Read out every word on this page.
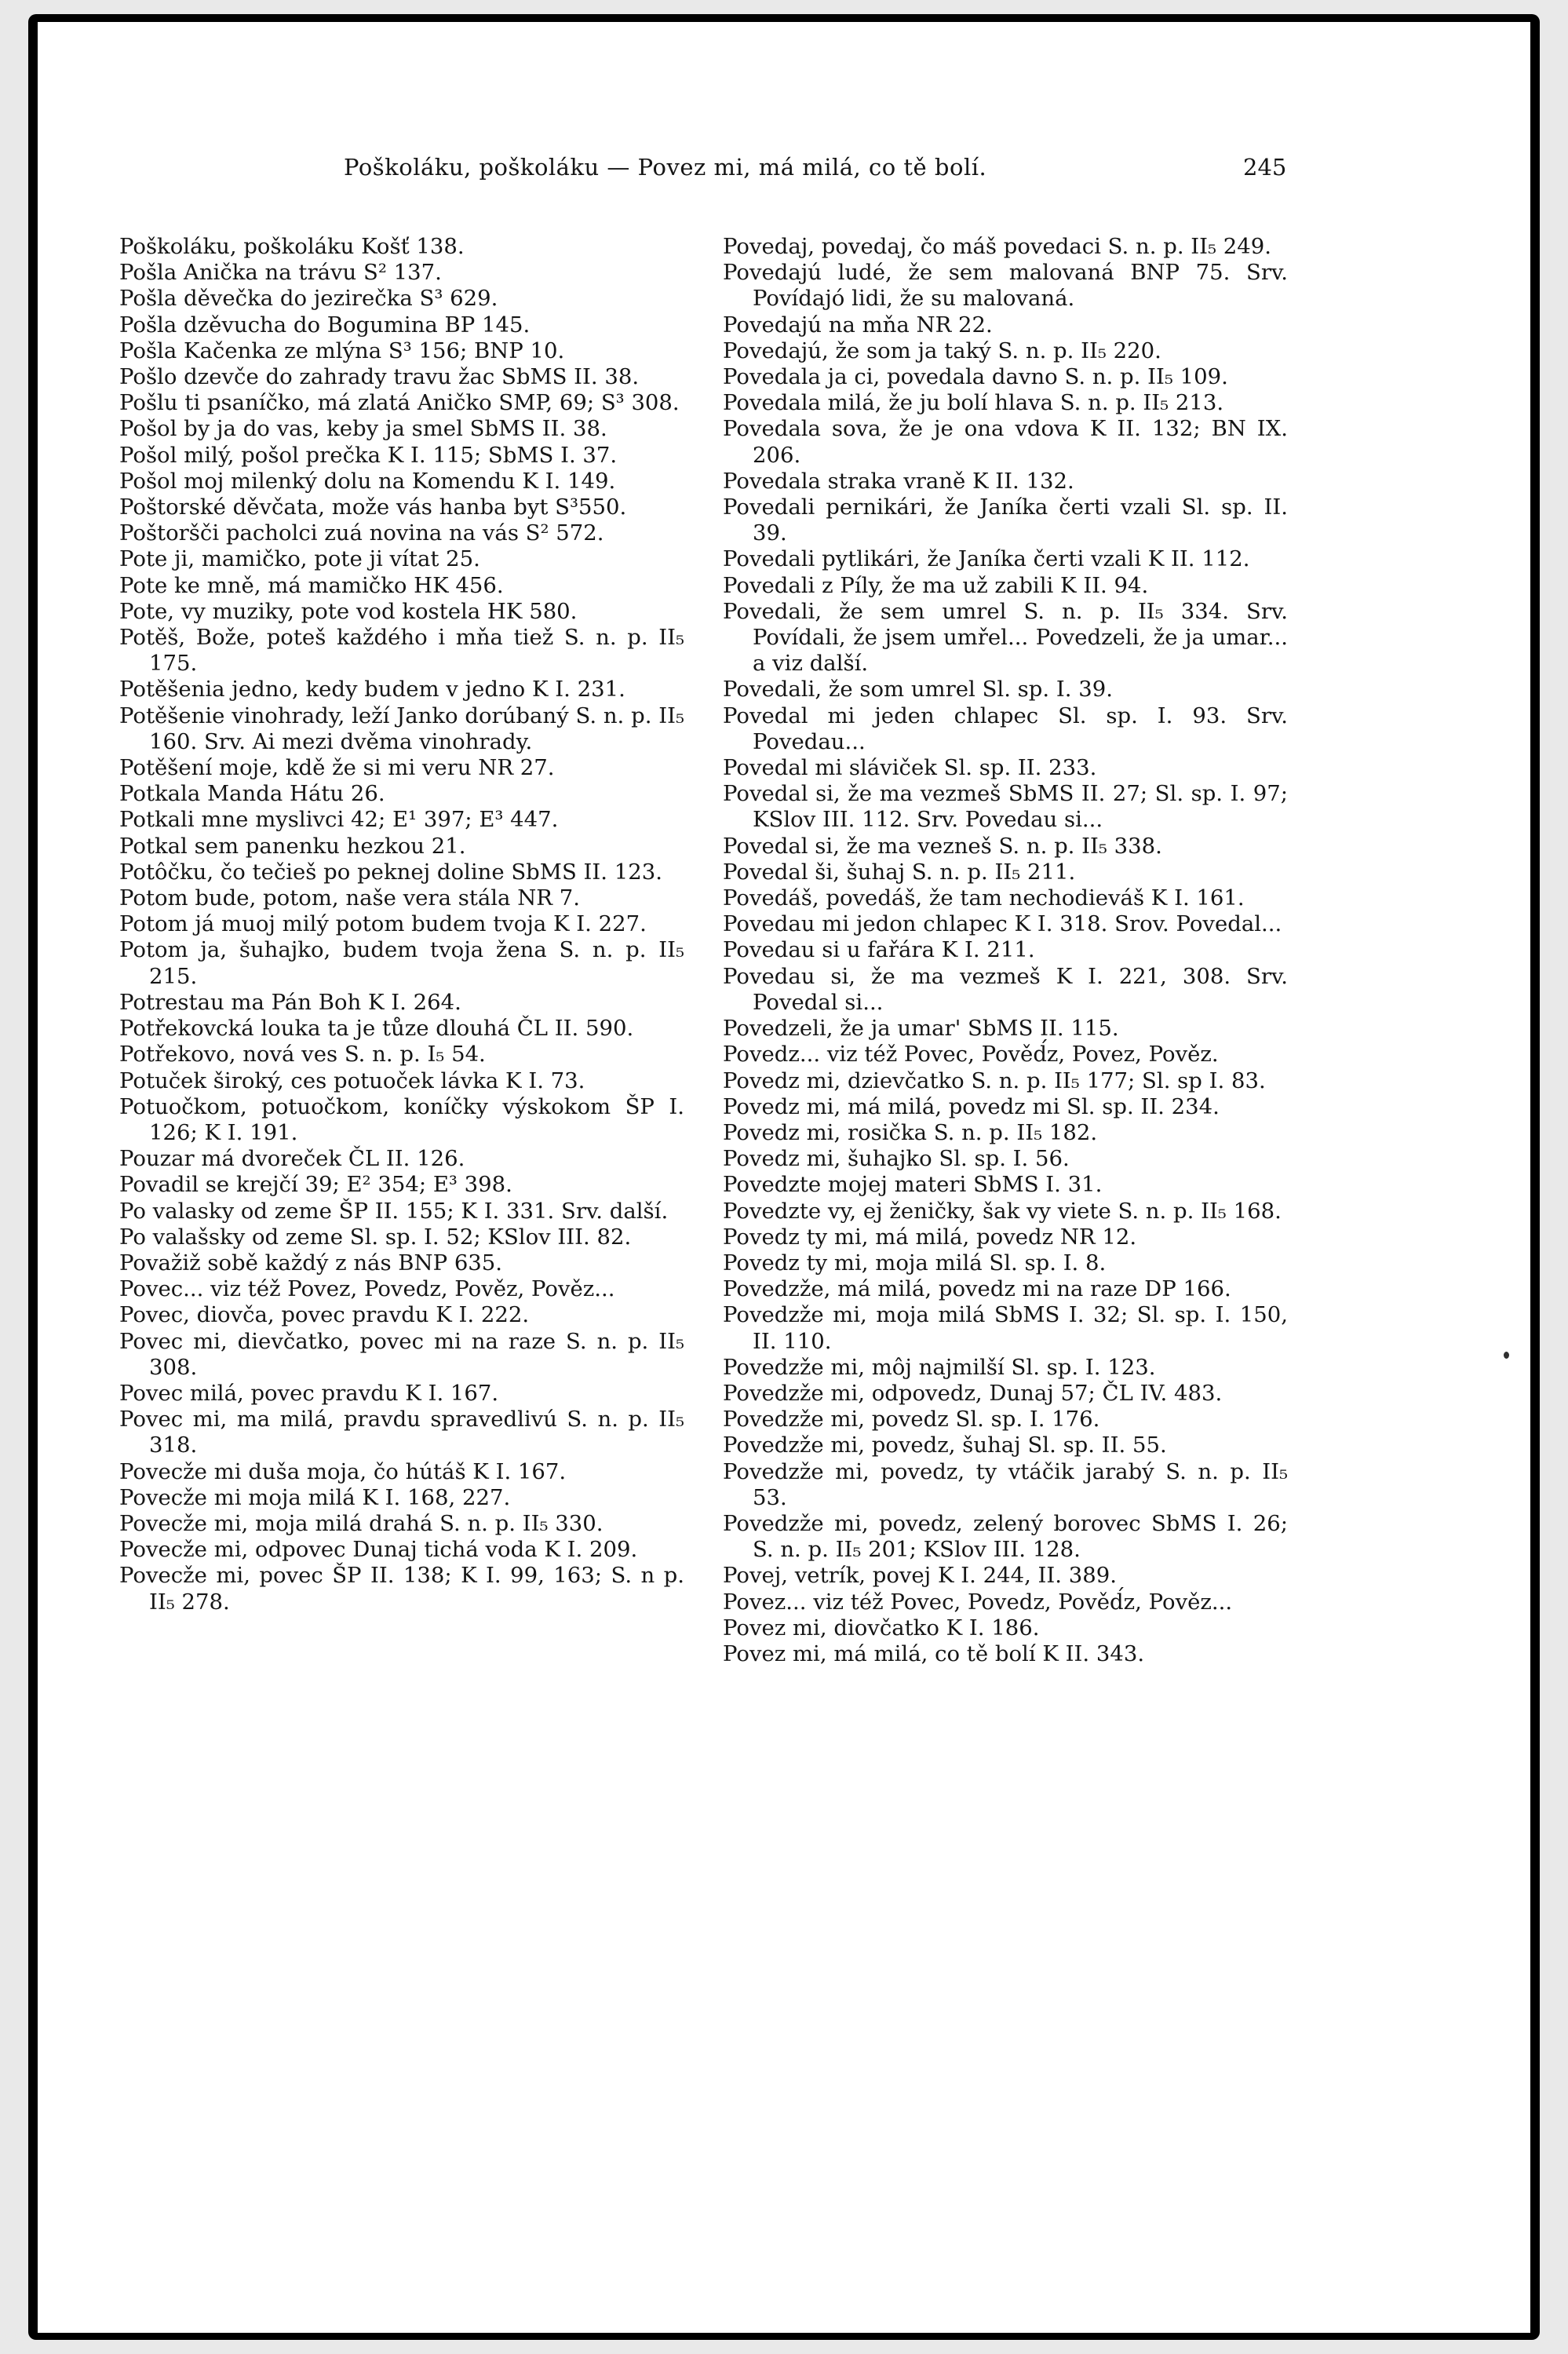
Poškoláku, poškoláku — Povez mi, má milá, co tě bolí.	245

Poškoláku, poškoláku Košť 138.

Pošla Anička na trávu S² 137.

Pošla děvečka do jezirečka S³ 629.

Pošla dzěvucha do Bogumina BP 145.

Pošla Kačenka ze mlýna S³ 156; BNP 10.

Pošlo dzevče do zahrady travu žac SbMS II. 38.

Pošlu ti psaníčko, má zlatá Aničko SMP, 69; S³ 308.

Pošol by ja do vas, keby ja smel SbMS II. 38.

Pošol milý, pošol prečka K I. 115; SbMS I. 37.

Pošol moj milenký dolu na Komendu K I. 149.

Poštorské děvčata, može vás hanba byt S³550.

Poštoršči pacholci zuá novina na vás S² 572.

Pote ji, mamičko, pote ji vítat 25.

Pote ke mně, má mamičko HK 456.

Pote, vy muziky, pote vod kostela HK 580.

Potěš, Bože, poteš každého i mňa tiež S. n. p. II₅ 175.

Potěšenia jedno, kedy budem v jedno K I. 231.

Potěšenie vinohrady, leží Janko dorúbaný S. n. p. II₅ 160. Srv. Ai mezi dvěma vinohrady.

Potěšení moje, kdě že si mi veru NR 27.

Potkala Manda Hátu 26.

Potkali mne myslivci 42; E¹ 397; E³ 447.

Potkal sem panenku hezkou 21.

Potôčku, čo tečieš po peknej doline SbMS II. 123.

Potom bude, potom, naše vera stála NR 7.

Potom já muoj milý potom budem tvoja K I. 227.

Potom ja, šuhajko, budem tvoja žena S. n. p. II₅ 215.

Potrestau ma Pán Boh K I. 264.

Potřekovcká louka ta je tůze dlouhá ČL II. 590.

Potřekovo, nová ves S. n. p. I₅ 54.

Potuček široký, ces potuoček lávka K I. 73.

Potuočkom, potuočkom, koníčky výskokom ŠP I. 126; K I. 191.

Pouzar má dvoreček ČL II. 126.

Povadil se krejčí 39; E² 354; E³ 398.

Po valasky od zeme ŠP II. 155; K I. 331. Srv. další.

Po valašsky od zeme Sl. sp. I. 52; KSlov III. 82.

Považiž sobě každý z nás BNP 635.

Povec... viz též Povez, Povedz, Pověz, Pověz...

Povec, diovča, povec pravdu K I. 222.

Povec mi, dievčatko, povec mi na raze S. n. p. II₅ 308.

Povec milá, povec pravdu K I. 167.

Povec mi, ma milá, pravdu spravedlivú S. n. p. II₅ 318.

Povecže mi duša moja, čo hútáš K I. 167.

Povecže mi moja milá K I. 168, 227.

Povecže mi, moja milá drahá S. n. p. II₅ 330.

Povecže mi, odpovec Dunaj tichá voda K I. 209.

Povecže mi, povec ŠP II. 138; K I. 99, 163; S. n p. II₅ 278.

Povedaj, povedaj, čo máš povedaci S. n. p. II₅ 249.

Povedajú ludé, že sem malovaná BNP 75. Srv. Povídajó lidi, že su malovaná.

Povedajú na mňa NR 22.

Povedajú, že som ja taký S. n. p. II₅ 220.

Povedala ja ci, povedala davno S. n. p. II₅ 109.

Povedala milá, že ju bolí hlava S. n. p. II₅ 213.

Povedala sova, že je ona vdova K II. 132; BN IX. 206.

Povedala straka vraně K II. 132.

Povedali pernikári, že Janíka čerti vzali Sl. sp. II. 39.

Povedali pytlikári, že Janíka čerti vzali K II. 112.

Povedali z Píly, že ma už zabili K II. 94.

Povedali, že sem umrel S. n. p. II₅ 334. Srv. Povídali, že jsem umřel... Povedzeli, že ja umar... a viz další.

Povedali, že som umrel Sl. sp. I. 39.

Povedal mi jeden chlapec Sl. sp. I. 93. Srv. Povedau...

Povedal mi sláviček Sl. sp. II. 233.

Povedal si, že ma vezmeš SbMS II. 27; Sl. sp. I. 97; KSlov III. 112. Srv. Povedau si...

Povedal si, že ma vezneš S. n. p. II₅ 338.

Povedal ši, šuhaj S. n. p. II₅ 211.

Povedáš, povedáš, že tam nechodieváš K I. 161.

Povedau mi jedon chlapec K I. 318. Srov. Povedal...

Povedau si u fařára K I. 211.

Povedau si, že ma vezmeš K I. 221, 308. Srv. Povedal si...

Povedzeli, že ja umar' SbMS II. 115.

Povedz... viz též Povec, Pověd́z, Povez, Pověz.

Povedz mi, dzievčatko S. n. p. II₅ 177; Sl. sp I. 83.

Povedz mi, má milá, povedz mi Sl. sp. II. 234.

Povedz mi, rosička S. n. p. II₅ 182.

Povedz mi, šuhajko Sl. sp. I. 56.

Povedzte mojej materi SbMS I. 31.

Povedzte vy, ej ženičky, šak vy viete S. n. p. II₅ 168.

Povedz ty mi, má milá, povedz NR 12.

Povedz ty mi, moja milá Sl. sp. I. 8.

Povedzže, má milá, povedz mi na raze DP 166.

Povedzže mi, moja milá SbMS I. 32; Sl. sp. I. 150, II. 110.

Povedzže mi, môj najmilší Sl. sp. I. 123.

Povedzže mi, odpovedz, Dunaj 57; ČL IV. 483.

Povedzže mi, povedz Sl. sp. I. 176.

Povedzže mi, povedz, šuhaj Sl. sp. II. 55.

Povedzže mi, povedz, ty vtáčik jarabý S. n. p. II₅ 53.

Povedzže mi, povedz, zelený borovec SbMS I. 26; S. n. p. II₅ 201; KSlov III. 128.

Povej, vetrík, povej K I. 244, II. 389.

Povez... viz též Povec, Povedz, Pověd́z, Pověz...

Povez mi, diovčatko K I. 186.

Povez mi, má milá, co tě bolí K II. 343.
